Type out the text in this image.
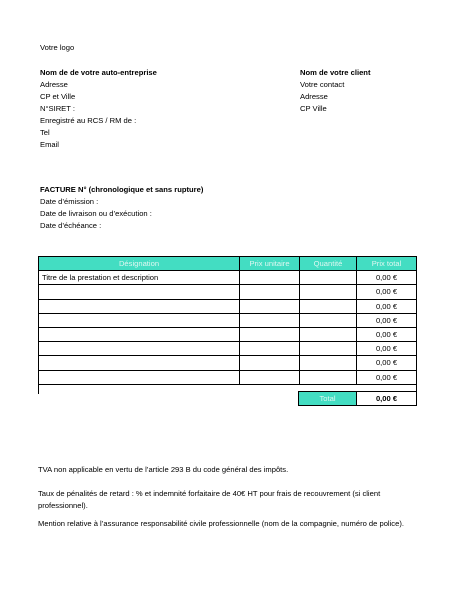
Votre logo
Nom de de votre auto-entreprise
Adresse
CP et Ville
N°SIRET :
Enregistré au RCS / RM de :
Tel
Email
Nom de votre client
Votre contact
Adresse
CP Ville
FACTURE N° (chronologique et sans rupture)
Date d’émission :
Date de livraison ou d’exécution :
Date d’échéance :
Désignation	Prix unitaire	Quantité	Prix total
Titre de la prestation et description			0,00 €
			0,00 €
			0,00 €
			0,00 €
			0,00 €
			0,00 €
			0,00 €
			0,00 €

Total	0,00 €
TVA non applicable en vertu de l’article 293 B du code général des impôts.
Taux de pénalités de retard : % et indemnité forfaitaire de 40€ HT pour frais de recouvrement (si client professionnel).
Mention relative à l’assurance responsabilité civile professionnelle (nom de la compagnie, numéro de police).
